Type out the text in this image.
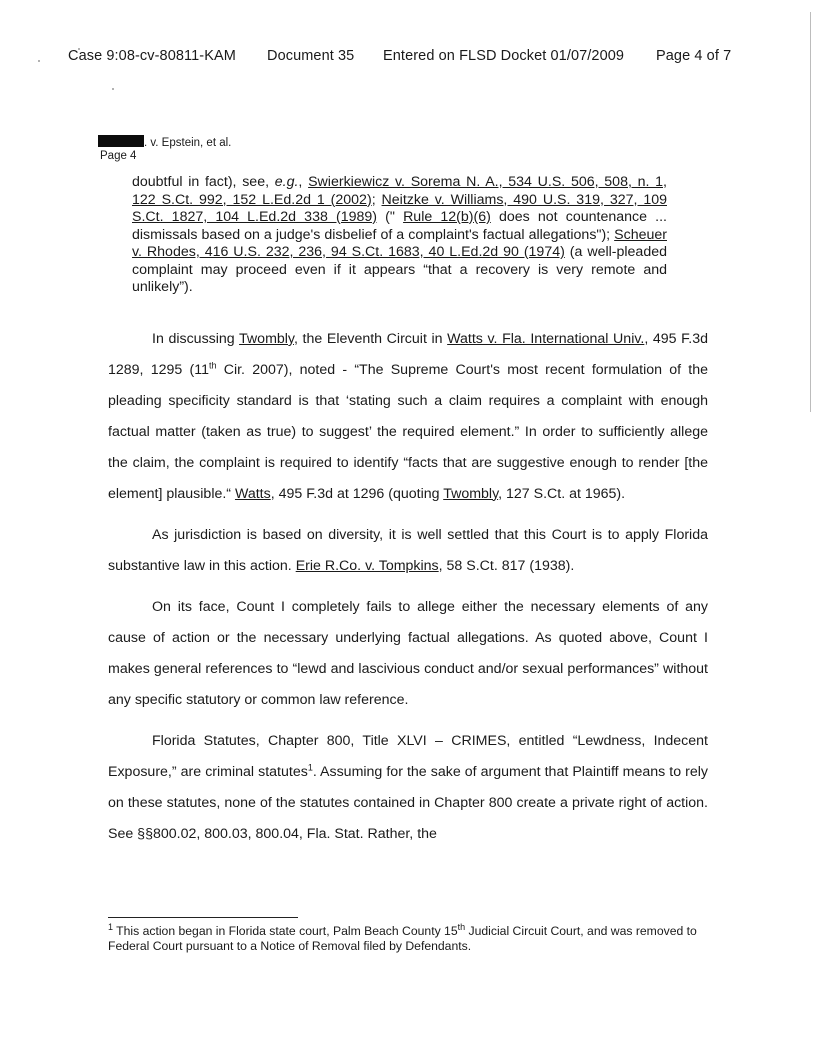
Case 9:08-cv-80811-KAM Document 35 Entered on FLSD Docket 01/07/2009 Page 4 of 7
. v. Epstein, et al.
Page 4

doubtful in fact), see, e.g., Swierkiewicz v. Sorema N. A., 534 U.S. 506, 508, n. 1, 122 S.Ct. 992, 152 L.Ed.2d 1 (2002); Neitzke v. Williams, 490 U.S. 319, 327, 109 S.Ct. 1827, 104 L.Ed.2d 338 (1989) (" Rule 12(b)(6) does not countenance ... dismissals based on a judge's disbelief of a complaint's factual allegations"); Scheuer v. Rhodes, 416 U.S. 232, 236, 94 S.Ct. 1683, 40 L.Ed.2d 90 (1974) (a well-pleaded complaint may proceed even if it appears “that a recovery is very remote and unlikely”).

In discussing Twombly, the Eleventh Circuit in Watts v. Fla. International Univ., 495 F.3d 1289, 1295 (11th Cir. 2007), noted - “The Supreme Court's most recent formulation of the pleading specificity standard is that ‘stating such a claim requires a complaint with enough factual matter (taken as true) to suggest’ the required element.” In order to sufficiently allege the claim, the complaint is required to identify “facts that are suggestive enough to render [the element] plausible.“ Watts, 495 F.3d at 1296 (quoting Twombly, 127 S.Ct. at 1965).

As jurisdiction is based on diversity, it is well settled that this Court is to apply Florida substantive law in this action. Erie R.Co. v. Tompkins, 58 S.Ct. 817 (1938).

On its face, Count I completely fails to allege either the necessary elements of any cause of action or the necessary underlying factual allegations. As quoted above, Count I makes general references to “lewd and lascivious conduct and/or sexual performances” without any specific statutory or common law reference.

Florida Statutes, Chapter 800, Title XLVI – CRIMES, entitled “Lewdness, Indecent Exposure,” are criminal statutes$^1$. Assuming for the sake of argument that Plaintiff means to rely on these statutes, none of the statutes contained in Chapter 800 create a private right of action. See §§800.02, 800.03, 800.04, Fla. Stat. Rather, the

$^1$ This action began in Florida state court, Palm Beach County 15th Judicial Circuit Court, and was removed to Federal Court pursuant to a Notice of Removal filed by Defendants.
